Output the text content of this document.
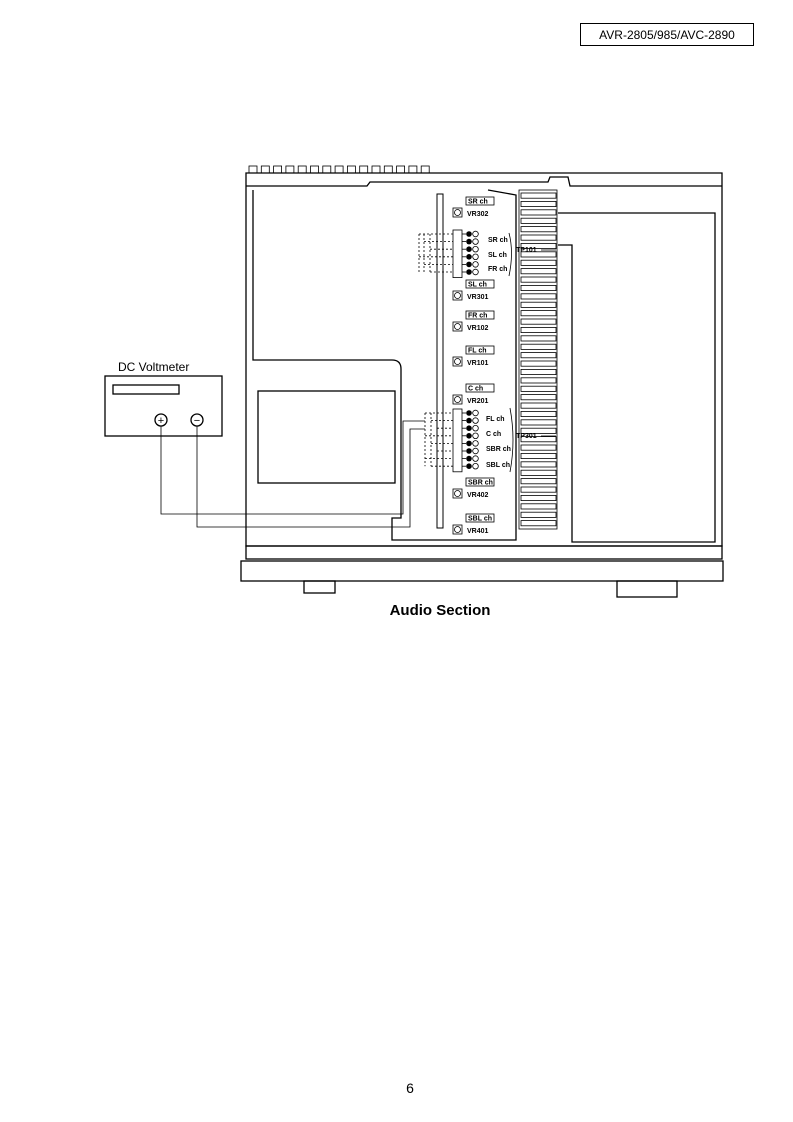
AVR-2805/985/AVC-2890
TP101
TP301
SR ch
SL ch
FR ch
FL ch
C ch
SBR ch
SBL ch
SR ch
VR302
SL ch
VR301
FR ch
VR102
FL ch
VR101
C ch
VR201
SBR ch
VR402
SBL ch
VR401
DC Voltmeter
+	−
Audio Section
6
